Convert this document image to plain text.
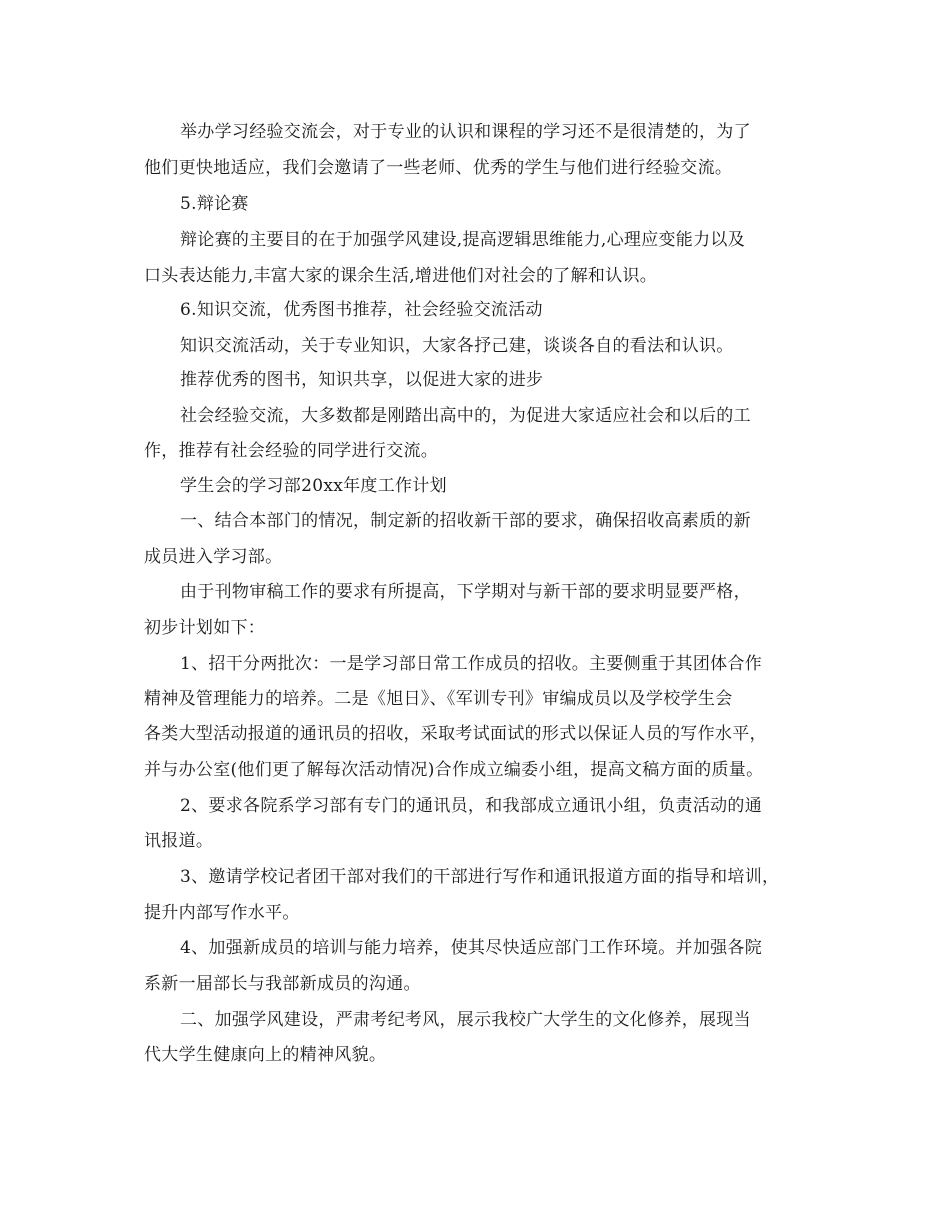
举办学习经验交流会，对于专业的认识和课程的学习还不是很清楚的，为了
他们更快地适应，我们会邀请了一些老师、优秀的学生与他们进行经验交流。
5.辩论赛
辩论赛的主要目的在于加强学风建设,提高逻辑思维能力,心理应变能力以及
口头表达能力,丰富大家的课余生活,增进他们对社会的了解和认识。
6.知识交流，优秀图书推荐，社会经验交流活动
知识交流活动，关于专业知识，大家各抒己建，谈谈各自的看法和认识。
推荐优秀的图书，知识共享，以促进大家的进步
社会经验交流，大多数都是刚踏出高中的，为促进大家适应社会和以后的工
作，推荐有社会经验的同学进行交流。
学生会的学习部20xx年度工作计划
一、结合本部门的情况，制定新的招收新干部的要求，确保招收高素质的新
成员进入学习部。
由于刊物审稿工作的要求有所提高，下学期对与新干部的要求明显要严格，
初步计划如下：
1、招干分两批次：一是学习部日常工作成员的招收。主要侧重于其团体合作
精神及管理能力的培养。二是《旭日》、《军训专刊》审编成员以及学校学生会
各类大型活动报道的通讯员的招收，采取考试面试的形式以保证人员的写作水平，
并与办公室(他们更了解每次活动情况)合作成立编委小组，提高文稿方面的质量。
2、要求各院系学习部有专门的通讯员，和我部成立通讯小组，负责活动的通
讯报道。
3、邀请学校记者团干部对我们的干部进行写作和通讯报道方面的指导和培训，
提升内部写作水平。
4、加强新成员的培训与能力培养，使其尽快适应部门工作环境。并加强各院
系新一届部长与我部新成员的沟通。
二、加强学风建设，严肃考纪考风，展示我校广大学生的文化修养，展现当
代大学生健康向上的精神风貌。
